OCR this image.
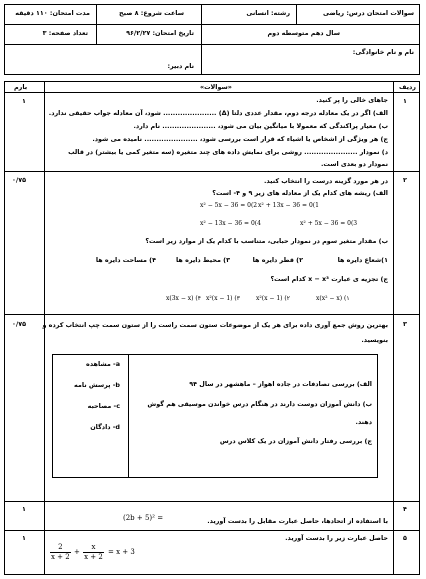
سوالات امتحان درس: ریاضی
رشته: انسانی
ساعت شروع: ۸ صبح
مدت امتحان: ۱۱۰ دقیقه
سال دهم متوسطه دوم
تاریخ امتحان: ۹۶/۲/۲۷
تعداد صفحه: ۳
نام و نام خانوادگی:
نام دبیر:
ردیف
«سوالات»
بارم
۱
۱	جاهای خالی را پر کنید.
الف) اگر در یک معادله درجه دوم، مقدار عددی دلتا (Δ) ...................... شود، آن معادله جواب حقیقی ندارد.
ب) معیار پراکندگی که معمولا با میانگین بیان می شود، ...................... نام دارد.
ج) هر ویژگی از اشخاص یا اشیاء که قرار است بررسی شود، ...................... نامیده می شود.
د) نمودار ...................... روشی برای نمایش داده های چند متغیره (سه متغیر کمی یا بیشتر) در قالب
نمودار دو بعدی است.
۲
۰/۷۵	در هر مورد گزینه درست را انتخاب کنید.
الف) ریشه های کدام یک از معادله های زیر ۹ و ۴- است؟
x² + 13x − 36 = 0(1
x² − 5x − 36 = 0(2
x² + 5x − 36 = 0(3
x² − 13x − 36 = 0(4
ب) مقدار متغیر سوم در نمودار حبابی، متناسب با کدام یک از موارد زیر است؟
۱)شعاع دایره ها
۲) قطر دایره ها
۳) محیط دایره ها
۴) مساحت دایره ها
ج) تجزیه ی عبارت x − x³ کدام است؟
x(x² − x) (۱
x²(x − 1) (۲
x²(x − 1) (۳
x(3x − x) (۴
۳
۰/۷۵	بهترین روش جمع آوری داده برای هر یک از موضوعات ستون سمت راست را از ستون سمت چپ انتخاب کرده و
بنویسید.
a- مشاهده
b- پرسش نامه
c- مصاحبه
d- دادگان
الف) بررسی تصادفات در جاده اهواز – ماهشهر در سال ۹۴
ب) دانش آموزان دوست دارند در هنگام درس خواندن موسیقی هم گوش
دهند.
ج) بررسی رفتار دانش آموزان در یک کلاس درس
۴
۱
با استفاده از اتحادها، حاصل عبارت مقابل را بدست آورید.
(2b + 5)² =
۵
۱	حاصل عبارت زیر را بدست آورید.
$\frac{2}{x + 2} + \frac{x}{x + 2} = x + 3$
